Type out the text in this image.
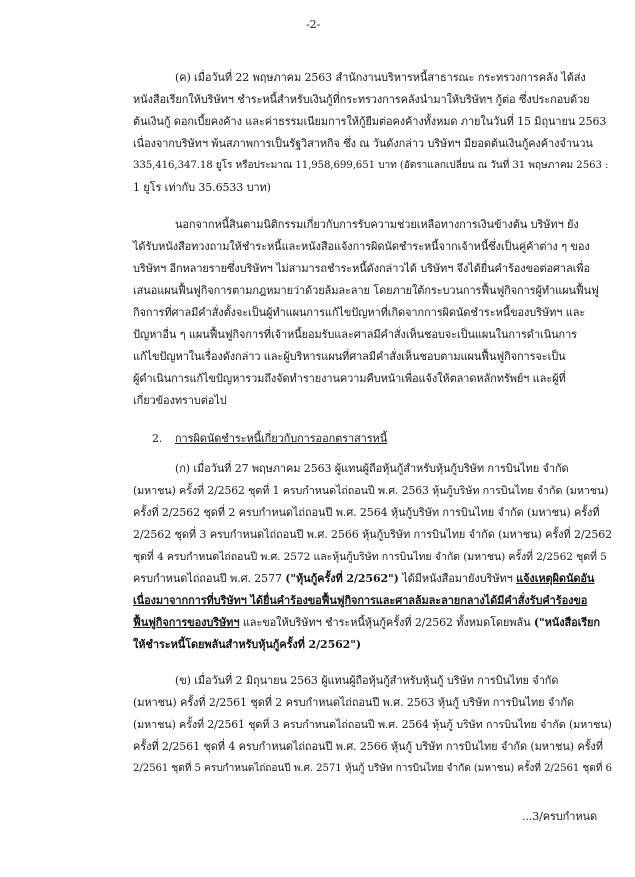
-2-
(ค) เมื่อวันที่ 22 พฤษภาคม 2563 สำนักงานบริหารหนี้สาธารณะ กระทรวงการคลัง ได้ส่ง
หนังสือเรียกให้บริษัทฯ ชำระหนี้สำหรับเงินกู้ที่กระทรวงการคลังนำมาให้บริษัทฯ กู้ต่อ ซึ่งประกอบด้วย
ต้นเงินกู้ ดอกเบี้ยคงค้าง และค่าธรรมเนียมการให้กู้ยืมต่อคงค้างทั้งหมด ภายในวันที่ 15 มิถุนายน 2563
เนื่องจากบริษัทฯ พ้นสภาพการเป็นรัฐวิสาหกิจ ซึ่ง ณ วันดังกล่าว บริษัทฯ มียอดต้นเงินกู้คงค้างจำนวน
335,416,347.18 ยูโร หรือประมาณ 11,958,699,651 บาท (อัตราแลกเปลี่ยน ณ วันที่ 31 พฤษภาคม 2563 :
1 ยูโร เท่ากับ 35.6533 บาท)
นอกจากหนี้สินตามนิติกรรมเกี่ยวกับการรับความช่วยเหลือทางการเงินข้างต้น บริษัทฯ ยัง
ได้รับหนังสือทวงถามให้ชำระหนี้และหนังสือแจ้งการผิดนัดชำระหนี้จากเจ้าหนี้ซึ่งเป็นคู่ค้าต่าง ๆ ของ
บริษัทฯ อีกหลายรายซึ่งบริษัทฯ ไม่สามารถชำระหนี้ดังกล่าวได้ บริษัทฯ จึงได้ยื่นคำร้องขอต่อศาลเพื่อ
เสนอแผนฟื้นฟูกิจการตามกฎหมายว่าด้วยล้มละลาย โดยภายใต้กระบวนการฟื้นฟูกิจการผู้ทำแผนฟื้นฟู
กิจการที่ศาลมีคำสั่งตั้งจะเป็นผู้ทำแผนการแก้ไขปัญหาที่เกิดจากการผิดนัดชำระหนี้ของบริษัทฯ และ
ปัญหาอื่น ๆ แผนฟื้นฟูกิจการที่เจ้าหนี้ยอมรับและศาลมีคำสั่งเห็นชอบจะเป็นแผนในการดำเนินการ
แก้ไขปัญหาในเรื่องดังกล่าว และผู้บริหารแผนที่ศาลมีคำสั่งเห็นชอบตามแผนฟื้นฟูกิจการจะเป็น
ผู้ดำเนินการแก้ไขปัญหารวมถึงจัดทำรายงานความคืบหน้าเพื่อแจ้งให้ตลาดหลักทรัพย์ฯ และผู้ที่
เกี่ยวข้องทราบต่อไป
2. การผิดนัดชำระหนี้เกี่ยวกับการออกตราสารหนี้
(ก) เมื่อวันที่ 27 พฤษภาคม 2563 ผู้แทนผู้ถือหุ้นกู้สำหรับหุ้นกู้บริษัท การบินไทย จำกัด
(มหาชน) ครั้งที่ 2/2562 ชุดที่ 1 ครบกำหนดไถ่ถอนปี พ.ศ. 2563 หุ้นกู้บริษัท การบินไทย จำกัด (มหาชน)
ครั้งที่ 2/2562 ชุดที่ 2 ครบกำหนดไถ่ถอนปี พ.ศ. 2564 หุ้นกู้บริษัท การบินไทย จำกัด (มหาชน) ครั้งที่
2/2562 ชุดที่ 3 ครบกำหนดไถ่ถอนปี พ.ศ. 2566 หุ้นกู้บริษัท การบินไทย จำกัด (มหาชน) ครั้งที่ 2/2562
ชุดที่ 4 ครบกำหนดไถ่ถอนปี พ.ศ. 2572 และหุ้นกู้บริษัท การบินไทย จำกัด (มหาชน) ครั้งที่ 2/2562 ชุดที่ 5
ครบกำหนดไถ่ถอนปี พ.ศ. 2577 ("หุ้นกู้ครั้งที่ 2/2562") ได้มีหนังสือมายังบริษัทฯ แจ้งเหตุผิดนัดอัน
เนื่องมาจากการที่บริษัทฯ ได้ยื่นคำร้องขอฟื้นฟูกิจการและศาลล้มละลายกลางได้มีคำสั่งรับคำร้องขอ
ฟื้นฟูกิจการของบริษัทฯ และขอให้บริษัทฯ ชำระหนี้หุ้นกู้ครั้งที่ 2/2562 ทั้งหมดโดยพลัน ("หนังสือเรียก
ให้ชำระหนี้โดยพลันสำหรับหุ้นกู้ครั้งที่ 2/2562")
(ข) เมื่อวันที่ 2 มิถุนายน 2563 ผู้แทนผู้ถือหุ้นกู้สำหรับหุ้นกู้ บริษัท การบินไทย จำกัด
(มหาชน) ครั้งที่ 2/2561 ชุดที่ 2 ครบกำหนดไถ่ถอนปี พ.ศ. 2563 หุ้นกู้ บริษัท การบินไทย จำกัด
(มหาชน) ครั้งที่ 2/2561 ชุดที่ 3 ครบกำหนดไถ่ถอนปี พ.ศ. 2564 หุ้นกู้ บริษัท การบินไทย จำกัด (มหาชน)
ครั้งที่ 2/2561 ชุดที่ 4 ครบกำหนดไถ่ถอนปี พ.ศ. 2566 หุ้นกู้ บริษัท การบินไทย จำกัด (มหาชน) ครั้งที่
2/2561 ชุดที่ 5 ครบกำหนดไถ่ถอนปี พ.ศ. 2571 หุ้นกู้ บริษัท การบินไทย จำกัด (มหาชน) ครั้งที่ 2/2561 ชุดที่ 6
...3/ครบกำหนด
